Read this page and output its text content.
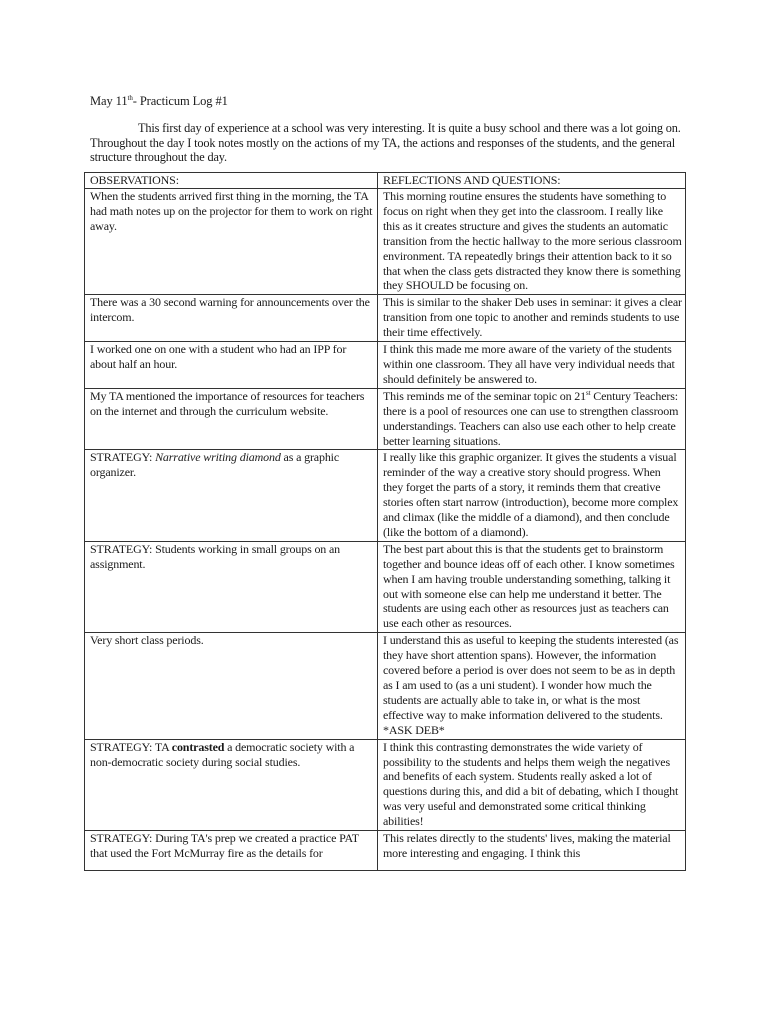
May 11th- Practicum Log #1

This first day of experience at a school was very interesting. It is quite a busy school and there was a lot going on. Throughout the day I took notes mostly on the actions of my TA, the actions and responses of the students, and the general structure throughout the day.

OBSERVATIONS:	REFLECTIONS AND QUESTIONS:
When the students arrived first thing in the morning, the TA had math notes up on the projector for them to work on right away.	This morning routine ensures the students have something to focus on right when they get into the classroom. I really like this as it creates structure and gives the students an automatic transition from the hectic hallway to the more serious classroom environment. TA repeatedly brings their attention back to it so that when the class gets distracted they know there is something they SHOULD be focusing on.
There was a 30 second warning for announcements over the intercom.	This is similar to the shaker Deb uses in seminar: it gives a clear transition from one topic to another and reminds students to use their time effectively.
I worked one on one with a student who had an IPP for about half an hour.	I think this made me more aware of the variety of the students within one classroom. They all have very individual needs that should definitely be answered to.
My TA mentioned the importance of resources for teachers on the internet and through the curriculum website.	This reminds me of the seminar topic on 21st Century Teachers: there is a pool of resources one can use to strengthen classroom understandings. Teachers can also use each other to help create better learning situations.
STRATEGY: Narrative writing diamond as a graphic organizer.	I really like this graphic organizer. It gives the students a visual reminder of the way a creative story should progress. When they forget the parts of a story, it reminds them that creative stories often start narrow (introduction), become more complex and climax (like the middle of a diamond), and then conclude (like the bottom of a diamond).
STRATEGY: Students working in small groups on an assignment.	The best part about this is that the students get to brainstorm together and bounce ideas off of each other. I know sometimes when I am having trouble understanding something, talking it out with someone else can help me understand it better. The students are using each other as resources just as teachers can use each other as resources.
Very short class periods.	I understand this as useful to keeping the students interested (as they have short attention spans). However, the information covered before a period is over does not seem to be as in depth as I am used to (as a uni student). I wonder how much the students are actually able to take in, or what is the most effective way to make information delivered to the students.
*ASK DEB*
STRATEGY: TA contrasted a democratic society with a non-democratic society during social studies.	I think this contrasting demonstrates the wide variety of possibility to the students and helps them weigh the negatives and benefits of each system. Students really asked a lot of questions during this, and did a bit of debating, which I thought was very useful and demonstrated some critical thinking abilities!
STRATEGY: During TA's prep we created a practice PAT that used the Fort McMurray fire as the details for	This relates directly to the students' lives, making the material more interesting and engaging. I think this
